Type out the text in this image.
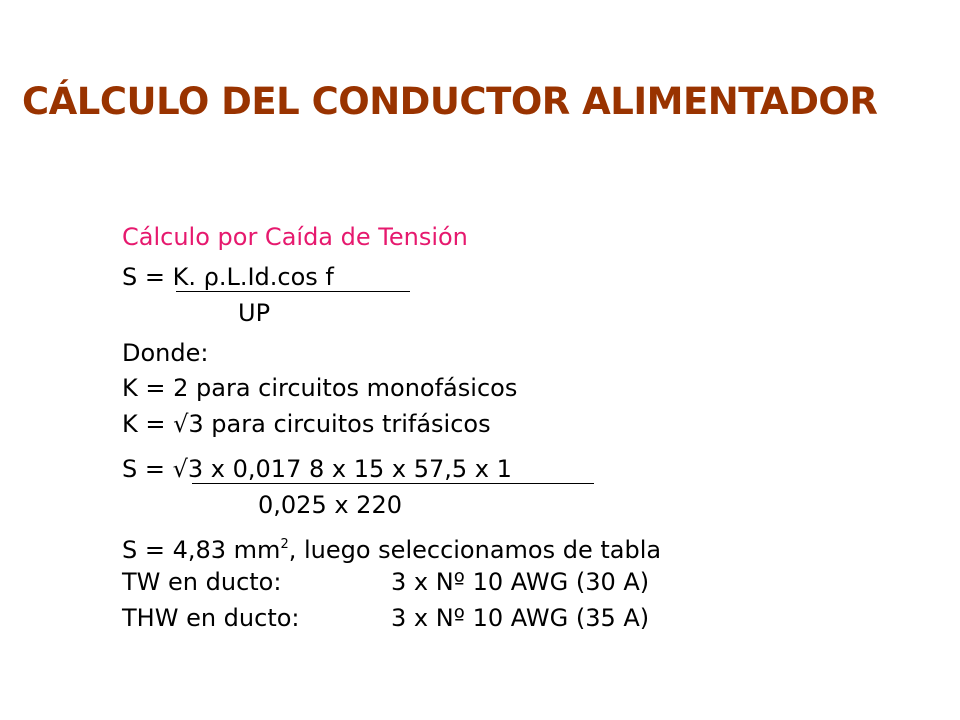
CÁLCULO DEL CONDUCTOR ALIMENTADOR
Cálculo por Caída de Tensión
S = K. ρ.L.Id.cos f
UP
Donde:
K = 2 para circuitos monofásicos
K = √3 para circuitos trifásicos
S = √3 x 0,017 8 x 15 x 57,5 x 1
0,025 x 220
S = 4,83 $mm^2$, luego seleccionamos de tabla
TW en ducto:	3 x Nº 10 AWG (30 A)
THW en ducto:	3 x Nº 10 AWG (35 A)
